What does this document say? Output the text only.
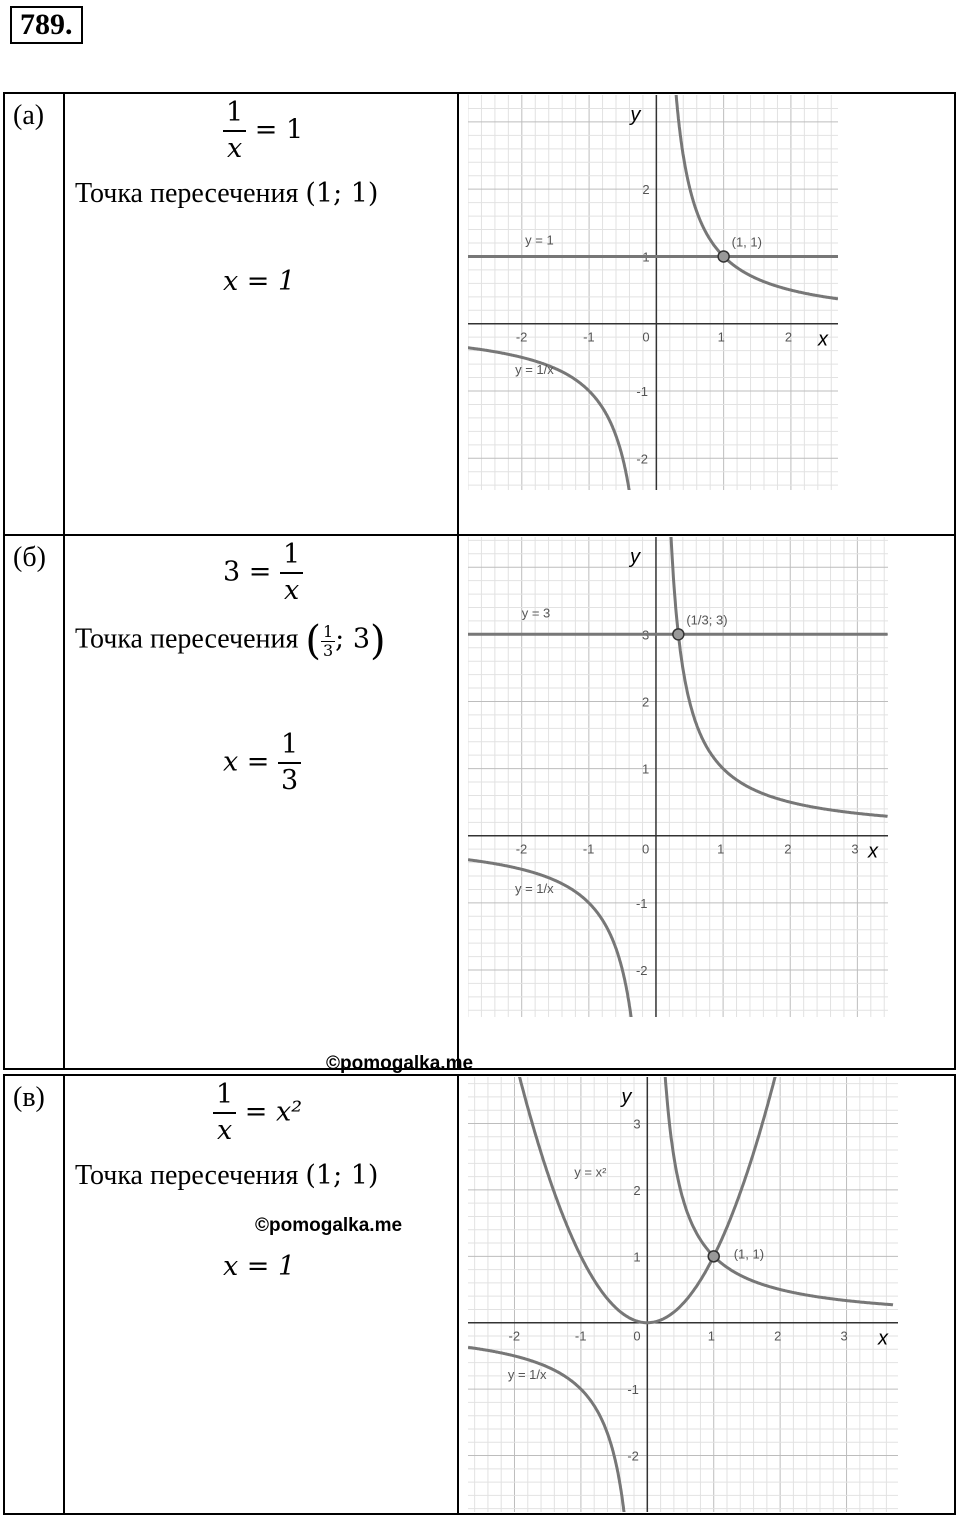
789.
(а)	$\frac{1}{x} = 1$
Точка пересечения (1; 1)
x = 1
-2	-1	0	1	2
-2
-1
1
2
x
y
y = 1/x
y = 1	(1, 1)
(б)	$3 = \frac{1}{x}$
Точка пересечения ( $\frac{1}{3}$ ; 3)
$x = \frac{1}{3}$
-2	-1	0	1	2	3
-2
-1
1
2
3
x
y
y = 1/x
y = 3	(1/3; 3)
©pomogalka.me
(в)	$\frac{1}{x} = x^2$
Точка пересечения (1; 1)
©pomogalka.me
x = 1
-2	-1	0	1	2	3
-2
-1
1
2
3
x
y
y = 1/x
y = x²
(1, 1)
